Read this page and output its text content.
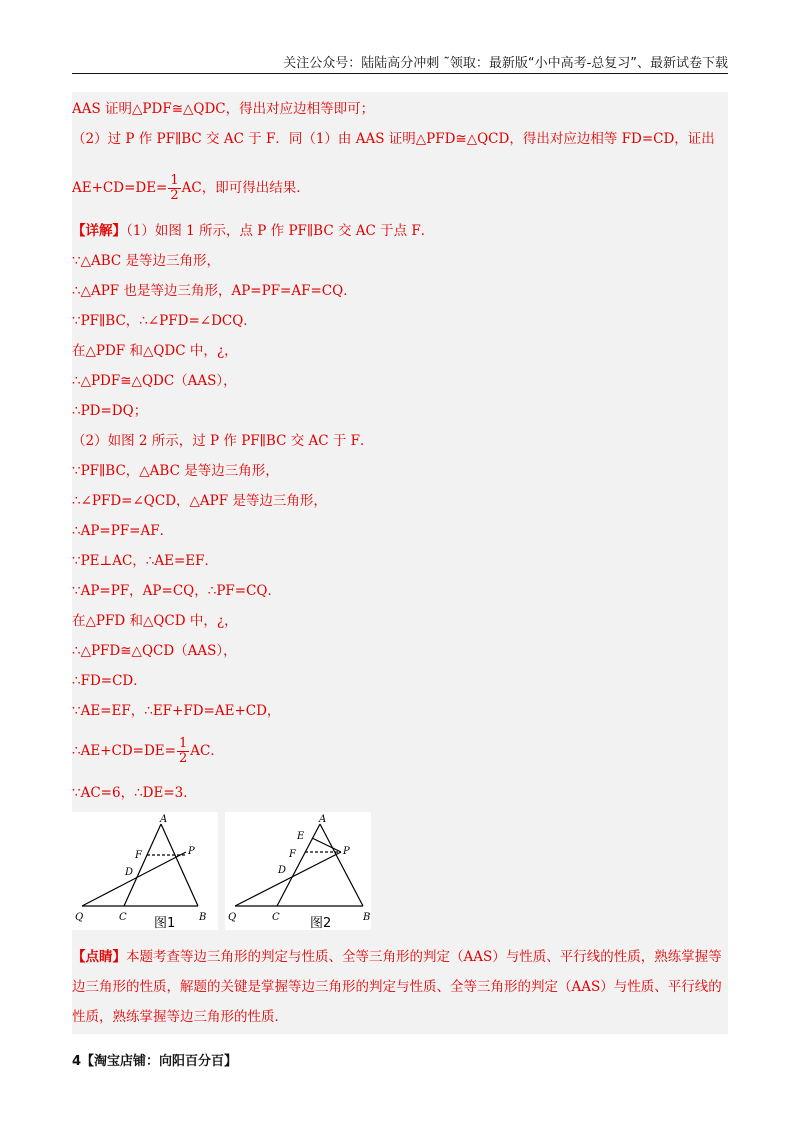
关注公众号：陆陆高分冲刺 ˜领取：最新版“小中高考-总复习”、最新试卷下载
AAS 证明△PDF≅△QDC，得出对应边相等即可；
（2）过 P 作 PF∥BC 交 AC 于 F．同（1）由 AAS 证明△PFD≅△QCD，得出对应边相等 FD=CD，证出
$AE+CD=DE= \frac{1}{2}$ AC，即可得出结果．
【详解】（1）如图 1 所示，点 P 作 PF∥BC 交 AC 于点 F．
∵△ABC 是等边三角形，
∴△APF 也是等边三角形，AP=PF=AF=CQ．
∵PF∥BC，∴∠PFD=∠DCQ．
在△PDF 和△QDC 中，¿，
∴△PDF≅△QDC（AAS），
∴PD=DQ；
（2）如图 2 所示，过 P 作 PF∥BC 交 AC 于 F．
∵PF∥BC，△ABC 是等边三角形，
∴∠PFD=∠QCD，△APF 是等边三角形，
∴AP=PF=AF．
∵PE⊥AC，∴AE=EF．
∵AP=PF，AP=CQ，∴PF=CQ．
在△PFD 和△QCD 中，¿，
∴△PFD≅△QCD（AAS），
∴FD=CD．
∵AE=EF，∴EF+FD=AE+CD，
∴AE+CD=DE= $\frac{1}{2}$ AC．
∵AC=6，∴DE=3．
A
P
F
D
Q	C	B
图1
A
E
P
F
D
Q	C	B
图2
【点睛】本题考查等边三角形的判定与性质、全等三角形的判定（AAS）与性质、平行线的性质，熟练掌握等边三角形的性质，解题的关键是掌握等边三角形的判定与性质、全等三角形的判定（AAS）与性质、平行线的性质，熟练掌握等边三角形的性质．
4【淘宝店铺：向阳百分百】
